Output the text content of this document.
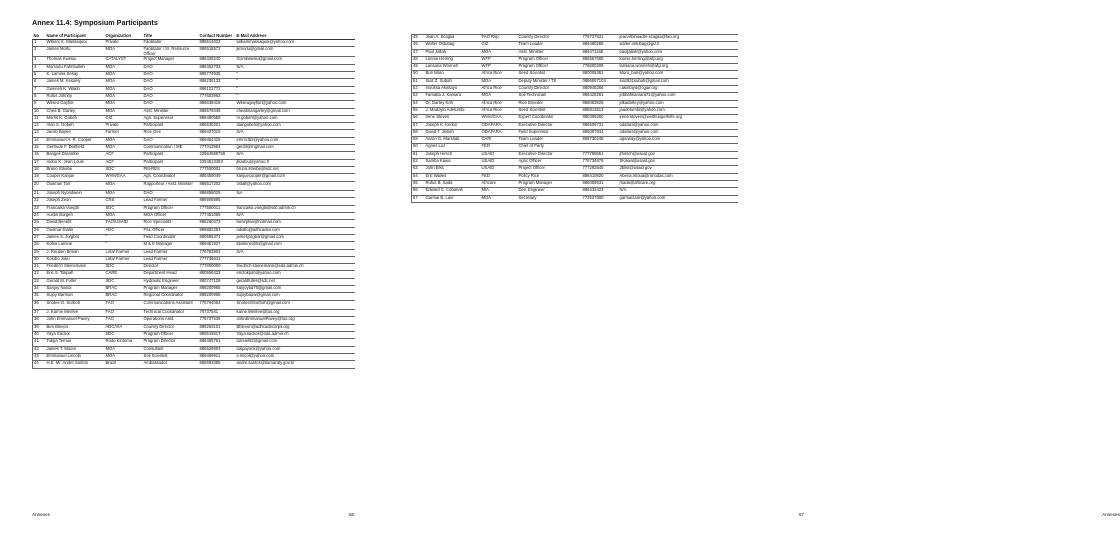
Annex 11.4: Symposium Participants
No	Name of Participant	Organization	Title	Contact Number	E-Mail Address
1	William K. Massaquoi	Private	Facilitator	886514622	williammassaquoi@yahoo.com
2	James Morlu	MOA	Facilitator / Sr. Resource Officer	886518572	jkmorlu@gmail.com
3	Thomas Kwesiu	CATALYST	Project Manager	886428240	thomkwesiu@gmail.com
4	Momodu Fahnbulleh	MOA	DAO	886452703	N/A
5	K. Lamina Sesay	MOA	DAO	886774935	"
6	James M. Kessely	MOA	DAO	886236133	"
7	Gweneh K. Wakin	MOA	DAO	886121772	"
8	Rufus Johnny	MOA	DAO	777603963	"
9	Wilseu Gayflor	MOA	DAO	886636418	Wilseugayflor@yahoo.com
10	Chea B. Garley	MOA	Asst. Minister	886579446	cheabriangarley@gmail.com
11	Morris K. Gobeh	GIZ	Agri. Supervisor	886490556	m.gobeh@yahoo.com
12	Alan S. Gobeh	Private	Participant	886530201	alangobeh@yahoo.com
13	Jacob Bayee	Farmer	Rice Gee	886437015	N/A
14	Emmanuel A. R. Cooper	MOA	DAO	886454425	emmcl52@yahoo.com
15	Gertrude F. Dorlfield	MOA	Communication / ME	777013954	gerdil@rngmail.com
16	Bangeli Dorambe	ACF	Participant	22564568759	N/A
17	Aidou K. Jean Louis	ACF	Participant	2254613483	jlkadou@yahoo.fr
18	Bruno Streibe	SDC	PM-RES	777500001	bruno.streibe@sdc.net
19	Cooper Kanjue	WHH/GAA	Agri. Coordinator	886459049	kanjuecooper@gmail.com
20	Ousman Tall	MOA	Rapporteur / Asst. Minister	886517202	ostall@yahoo.com
21	Joseph Nyondwein	MOA	DAO	886858025	NA
22	Joseph Zeon	CRS	Lead Farmer	886908895	
23	Francaika Voegtli	SDC	Program Officer	777500011	francaika.voegtli@sdc.admin.ch
24	Austin Borgeh	MOA	MOA Officer	777451055	N/A
25	David Benefit	FAO/USAID	Rice Specialist	886260473	benirpfao@hotmail.com
26	Ousmar Diallo	ADC	FSL Officer	886882253	odiallo@adhcadev.com
27	James S. Jorgbor	"	Field Coordinator	880555474	jamesjorgbor@gmail.com
28	Kobio Lamine	"	M & E Manager	886461927	kilamine@5@gmail.com
29	J. Reuben Brown	Lofa/ Farmer	Lead Farmer	776783902	N/A
30	Kolubo Joku	Lofa/ Farmer	Lead Farmer	777736641	
31	Friedrich Steinemann	SDC	Director	777800000	friedrich.steinemann@eda.admin.ch
32	Eric S. Tokpah	CARE	Department Head	880556423	erictokpah@yahoo.com
33	Gerald M. Fuller	SDC	Hydraulic Engineer	880747128	geraldfuller@sdc.net
34	Sanjoy Nandi	BRAC	Program Manager	888200965	sanjoybd76@gmail.com
35	Sujoy Barman	BRAC	Regional Coordinator	888200968	sujoybauw@gmail.com
36	Snotee O. Sorboh	FAO	Communications Assistant	776794064	SnoteeOSorboh@gmail.com
37	J. Karnie Menfee	FAO	Technical Coordinator	76737541	karne.Menfee@fao.org
38	John Emmanuel Pavey	FAO	Operations Asst.	776737536	JohnEmmanuelPavey@fao.org
39	Ben Blevon	ADC/VIA	Country Director	886263101	Bblevon@adhcadecorps.org
40	Yaya Sackor	SDC	Program Officer	886515517	Yaya.sackor@eda.admin.ch
41	Tokpa Temue	Rodo Kintoma	Program Director	886465761	tomuel62@gmail.com
42	James T. Moore	MOA	Consultant	886526993	tokpayonk@yahoo.com
43	Emmanuel Lincoln	MOA	Soil Scientist	886469911	e.lincol@yahoo.com
44	H.E. Mr. Andre Santos	Brazil	Ambassador	886693385	andre.santos@itamaraty.gov.br
Annexes	56
45	Jean A. Scaglia	FAO Rep.	Country Director	776737531	jeanAlbinoadre.scaglia@fao.org
46	Walter Ostubag	GIZ	Team Leader	886480288	walter.ostubag@giz.lr
47	Paul Jallah	MOA	Asst. Minister	886471166	pauljallah@yahoo.com
48	Lonnie Herring	WFP	Program Officer	886557689	lonnie.herring@wfp.org
49	Lansana Wonneh	WFP	Program Officer	776500208	lansana.wonneh@wfp.org
50	Buri Moro	Africa Rice	Seed Scientist	880005361	Moro_buri@yahoo.com
51	Siaz Z. Subah	MOA	Deputy Minister / TS	0886557104	siaz831subah@gmail.com
52	Inoussa Akintayo	Africa Rice	Country Director	880946266	i.akintayo@cgiar.org
53	Famatta J. Kamara	MOA	Soil Technician	886428281	jebbahkamara71@yahoo.com
54	Dr. Dartey Koh	Africa Rice	Rice Breeder	888053826	jdkadartey@yahoo.com
55	J. Madoyio Adetumbi	Africa Rice	Seed Scientist	888813513	jaadetumbi@yahoo.com
56	Irene Steven	WHH/GAA	Expert Coordinator	880309260	irene.steven@welthungerhilfe.org
57	Joseph K. Kerkor	ODAFARA	Executive Director	886506731	odafara@yahoo.com
58	David T. Josiah	ODAFARA	Field Supervisor	886007934	odafara@yahoo.com
59	Aaron G. Marshall	CARI	Team Leader	886730248	agarway@yahoo.com
60	Agnes Luz	FED	Chief of Party		
61	Joseph Hirsch	USAID	Executive Director	777788551	jfhirsch@usaid.gov
62	Samba Kawa	USAID	Agric Officer	776734676	SKawa@usaid.gov
63	John Elks	USAID	Project Officer	777292545	JElks@usaid.gov
64	Eric Wailes	FED	Policy Rice	886410820	Abena.mloua@ronodas.com
65	Rufus B. Sada	Africare	Program Manager	886059531	rsada@africare.org
66	Edward S. Cobanah	MIA	Dev. Engineer	886432423	N/A
67	Garmai B. Lavr	MOA	Secretary	773537660	garmaizaor@yahoo.com
57	Annexes
